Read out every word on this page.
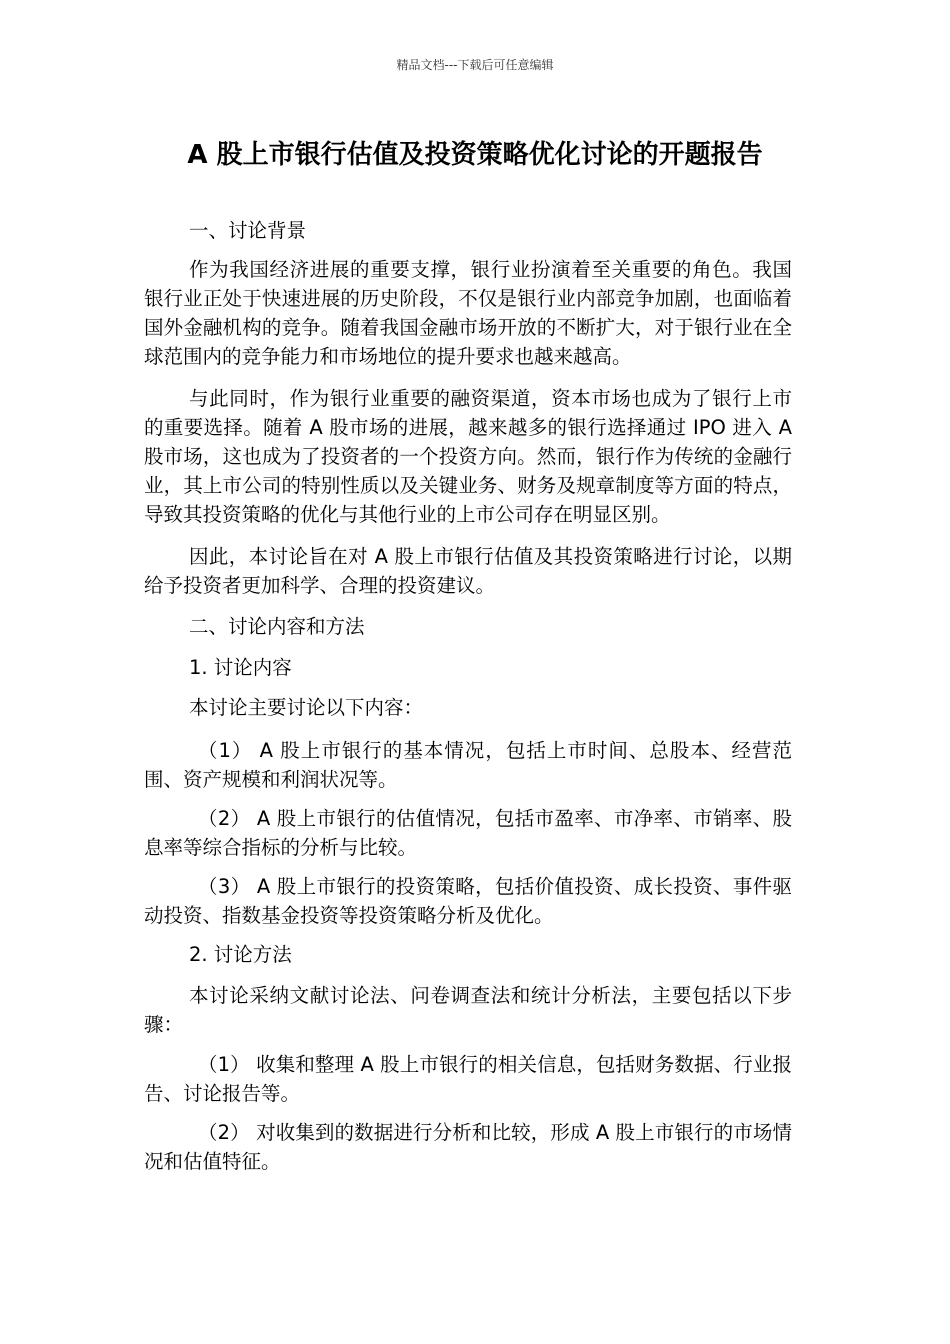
精品文档---下载后可任意编辑
A 股上市银行估值及投资策略优化讨论的开题报告

一、讨论背景

作为我国经济进展的重要支撑，银行业扮演着至关重要的角色。我国银行业正处于快速进展的历史阶段，不仅是银行业内部竞争加剧，也面临着国外金融机构的竞争。随着我国金融市场开放的不断扩大，对于银行业在全球范围内的竞争能力和市场地位的提升要求也越来越高。

与此同时，作为银行业重要的融资渠道，资本市场也成为了银行上市的重要选择。随着 A 股市场的进展，越来越多的银行选择通过 IPO 进入 A 股市场，这也成为了投资者的一个投资方向。然而，银行作为传统的金融行业，其上市公司的特别性质以及关键业务、财务及规章制度等方面的特点，导致其投资策略的优化与其他行业的上市公司存在明显区别。

因此，本讨论旨在对 A 股上市银行估值及其投资策略进行讨论，以期给予投资者更加科学、合理的投资建议。

二、讨论内容和方法

1. 讨论内容

本讨论主要讨论以下内容：

（1） A 股上市银行的基本情况，包括上市时间、总股本、经营范围、资产规模和利润状况等。

（2） A 股上市银行的估值情况，包括市盈率、市净率、市销率、股息率等综合指标的分析与比较。

（3） A 股上市银行的投资策略，包括价值投资、成长投资、事件驱动投资、指数基金投资等投资策略分析及优化。

2. 讨论方法

本讨论采纳文献讨论法、问卷调查法和统计分析法，主要包括以下步骤：

（1） 收集和整理 A 股上市银行的相关信息，包括财务数据、行业报告、讨论报告等。

（2） 对收集到的数据进行分析和比较，形成 A 股上市银行的市场情况和估值特征。
